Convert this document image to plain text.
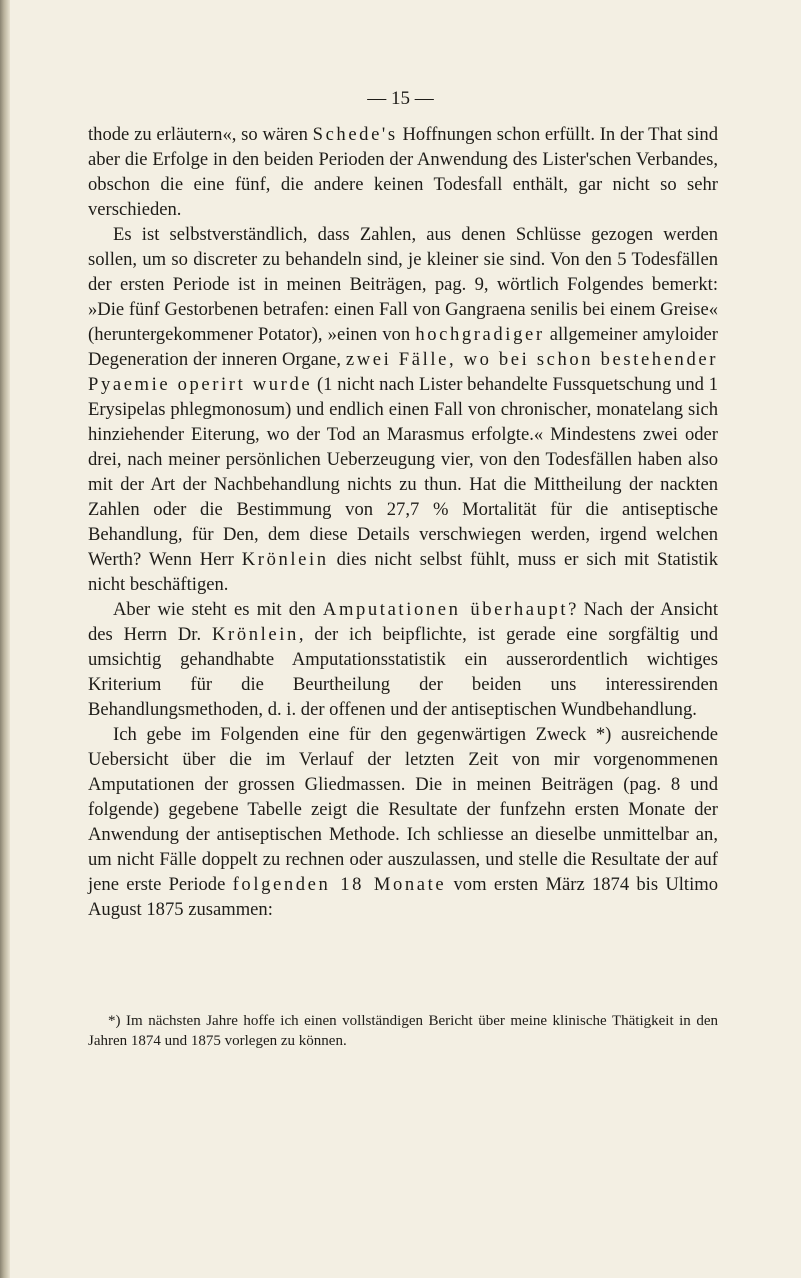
— 15 —

thode zu erläutern«, so wären Schede's Hoffnungen schon erfüllt. In der That sind aber die Erfolge in den beiden Perioden der Anwendung des Lister'schen Verbandes, obschon die eine fünf, die andere keinen Todesfall enthält, gar nicht so sehr verschieden.

Es ist selbstverständlich, dass Zahlen, aus denen Schlüsse gezogen werden sollen, um so discreter zu behandeln sind, je kleiner sie sind. Von den 5 Todesfällen der ersten Periode ist in meinen Beiträgen, pag. 9, wörtlich Folgendes bemerkt: »Die fünf Gestorbenen betrafen: einen Fall von Gangraena senilis bei einem Greise« (heruntergekommener Potator), »einen von hochgradiger allgemeiner amyloider Degeneration der inneren Organe, zwei Fälle, wo bei schon bestehender Pyaemie operirt wurde (1 nicht nach Lister behandelte Fussquetschung und 1 Erysipelas phlegmonosum) und endlich einen Fall von chronischer, monatelang sich hinziehender Eiterung, wo der Tod an Marasmus erfolgte.« Mindestens zwei oder drei, nach meiner persönlichen Ueberzeugung vier, von den Todesfällen haben also mit der Art der Nachbehandlung nichts zu thun. Hat die Mittheilung der nackten Zahlen oder die Bestimmung von 27,7 % Mortalität für die antiseptische Behandlung, für Den, dem diese Details verschwiegen werden, irgend welchen Werth? Wenn Herr Krönlein dies nicht selbst fühlt, muss er sich mit Statistik nicht beschäftigen.

Aber wie steht es mit den Amputationen überhaupt? Nach der Ansicht des Herrn Dr. Krönlein, der ich beipflichte, ist gerade eine sorgfältig und umsichtig gehandhabte Amputationsstatistik ein ausserordentlich wichtiges Kriterium für die Beurtheilung der beiden uns interessirenden Behandlungsmethoden, d. i. der offenen und der antiseptischen Wundbehandlung.

Ich gebe im Folgenden eine für den gegenwärtigen Zweck *) ausreichende Uebersicht über die im Verlauf der letzten Zeit von mir vorgenommenen Amputationen der grossen Gliedmassen. Die in meinen Beiträgen (pag. 8 und folgende) gegebene Tabelle zeigt die Resultate der funfzehn ersten Monate der Anwendung der antiseptischen Methode. Ich schliesse an dieselbe unmittelbar an, um nicht Fälle doppelt zu rechnen oder auszulassen, und stelle die Resultate der auf jene erste Periode folgenden 18 Monate vom ersten März 1874 bis Ultimo August 1875 zusammen:

*) Im nächsten Jahre hoffe ich einen vollständigen Bericht über meine klinische Thätigkeit in den Jahren 1874 und 1875 vorlegen zu können.
